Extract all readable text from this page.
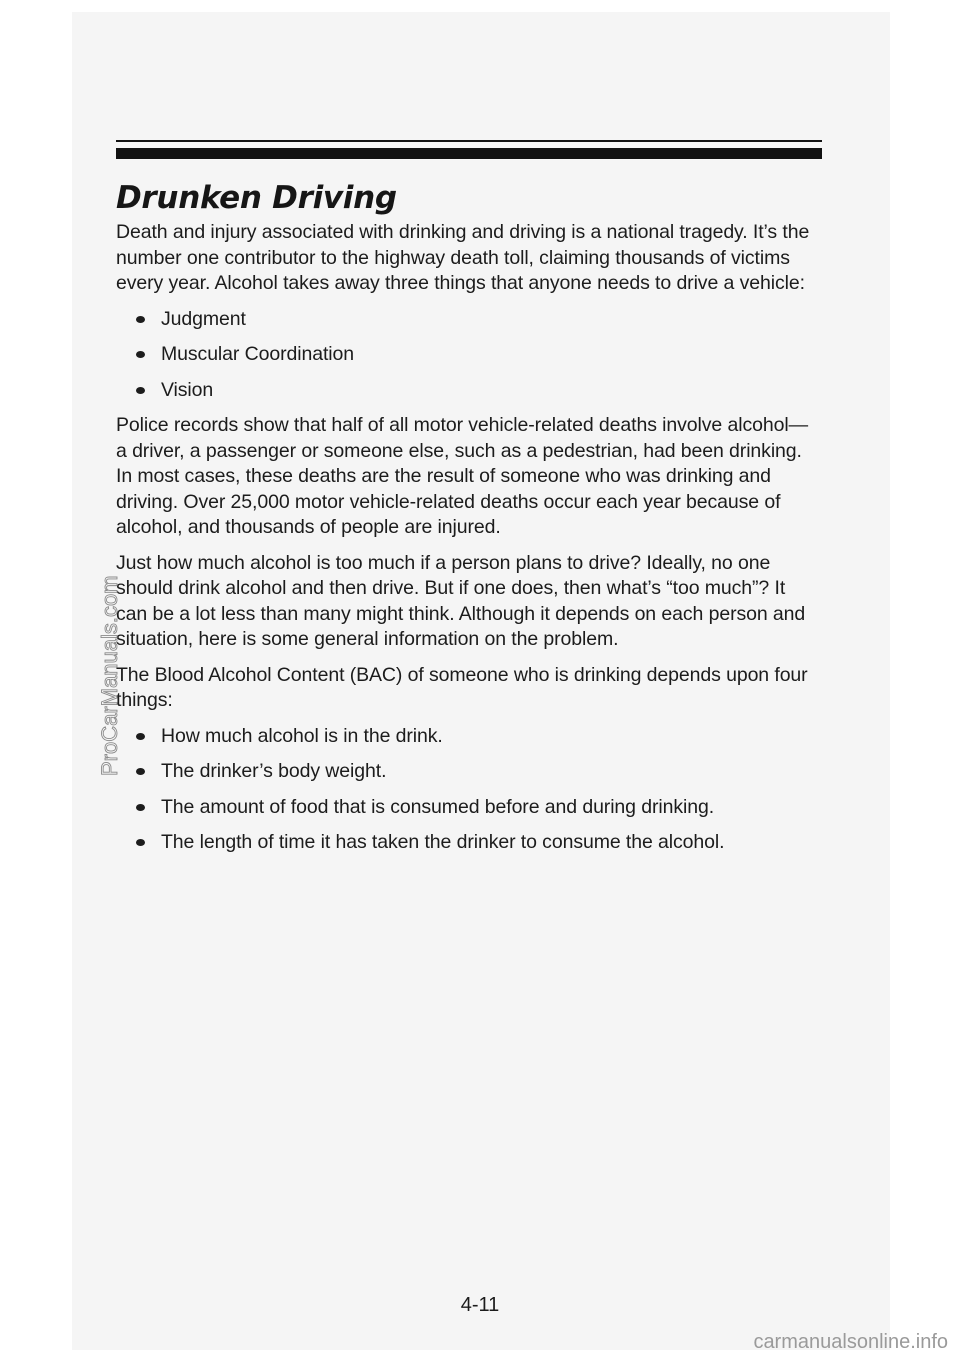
Drunken Driving

Death and injury associated with drinking and driving is a national tragedy. It’s the number one contributor to the highway death toll, claiming thousands of victims every year. Alcohol takes away three things that anyone needs to drive a vehicle:

Judgment
Muscular Coordination
Vision

Police records show that half of all motor vehicle-related deaths involve alcohol—a driver, a passenger or someone else, such as a pedestrian, had been drinking. In most cases, these deaths are the result of someone who was drinking and driving. Over 25,000 motor vehicle-related deaths occur each year because of alcohol, and thousands of people are injured.

Just how much alcohol is too much if a person plans to drive? Ideally, no one should drink alcohol and then drive. But if one does, then what’s “too much”? It can be a lot less than many might think. Although it depends on each person and situation, here is some general information on the problem.

The Blood Alcohol Content (BAC) of someone who is drinking depends upon four things:

How much alcohol is in the drink.
The drinker’s body weight.
The amount of food that is consumed before and during drinking.
The length of time it has taken the drinker to consume the alcohol.
4-11
ProCarManuals.com
carmanualsonline.info
